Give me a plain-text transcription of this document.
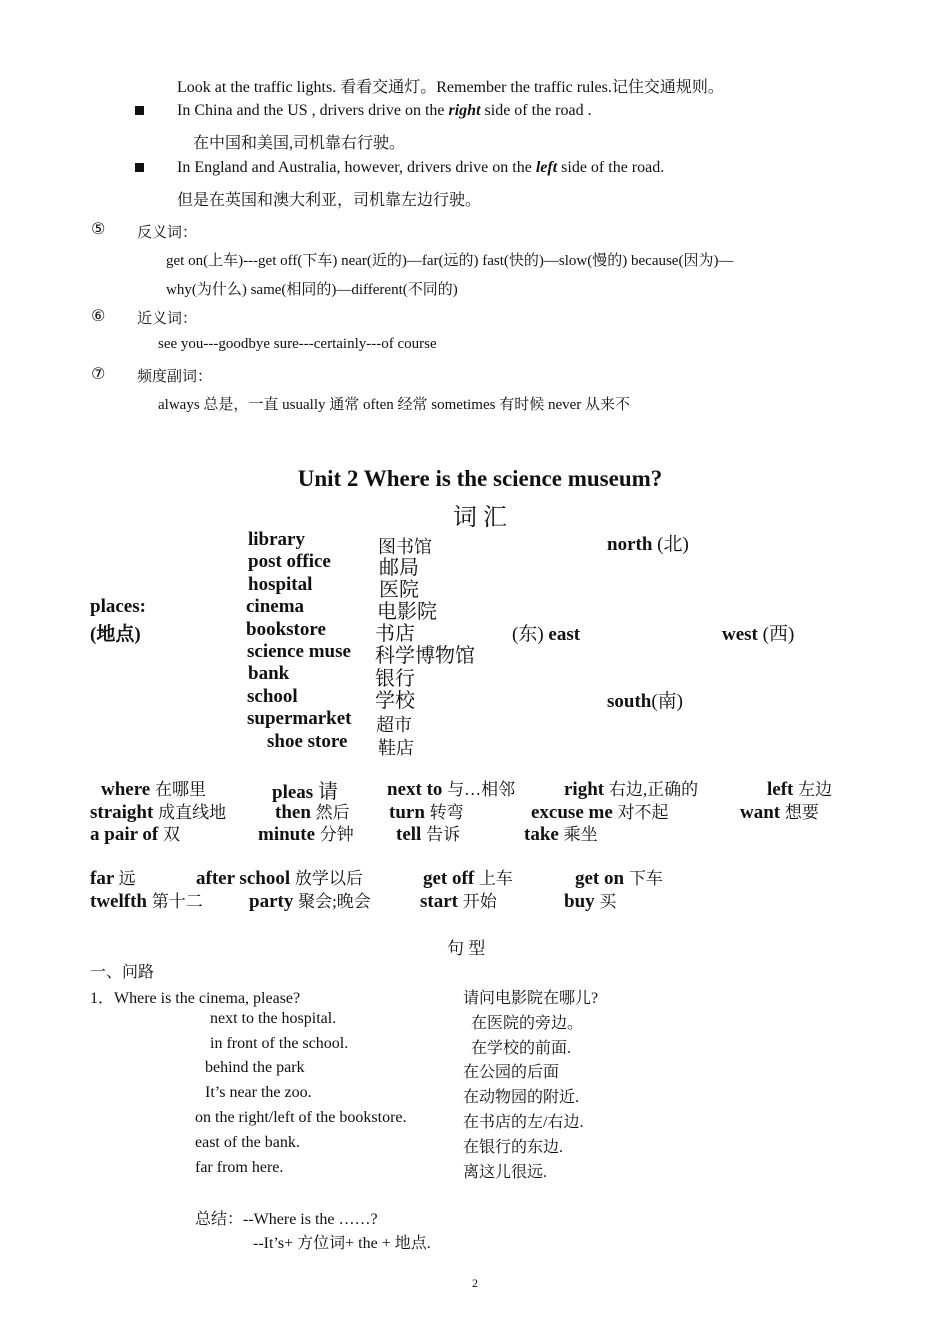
Look at the traffic lights. 看看交通灯。Remember the traffic rules.记住交通规则。
In China and the US , drivers drive on the right side of the road .
在中国和美国,司机靠右行驶。
In England and Australia, however, drivers drive on the left side of the road.
但是在英国和澳大利亚，司机靠左边行驶。
⑤ 反义词：
get on(上车)---get off(下车) near(近的)—far(远的) fast(快的)—slow(慢的) because(因为)—
why(为什么) same(相同的)—different(不同的)
⑥ 近义词：
see you---goodbye sure---certainly---of course
⑦ 频度副词：
always 总是，一直 usually 通常 often 经常 sometimes 有时候 never 从来不
Unit 2 Where is the science museum?
词 汇
places:
(地点)
library	图书馆
post office 邮局
hospital	医院
cinema	电影院
bookstore 书店
science muse 科学博物馆
bank	银行
school	学校
supermarket 超市
shoe store 鞋店
north (北)
(东) east	west (西)
south(南)
where 在哪里	pleas 请	next to 与…相邻	right 右边,正确的	left 左边
straight 成直线地	then 然后 turn 转弯	excuse me 对不起	want 想要
a pair of 双	minute 分钟 tell 告诉	take 乘坐
far 远	after school 放学以后	get off 上车	get on 下车
twelfth 第十二 party 聚会;晚会	start 开始	buy 买
句 型
一、问路
1．Where is the cinema, please?	请问电影院在哪儿?
next to the hospital.	在医院的旁边。
in front of the school.	在学校的前面.
behind the park	在公园的后面
It’s near the zoo.	在动物园的附近.
on the right/left of the bookstore.	在书店的左/右边.
east of the bank.	在银行的东边.
far from here.	离这儿很远.
总结：--Where is the ……?
--It’s+ 方位词+ the + 地点.
2
